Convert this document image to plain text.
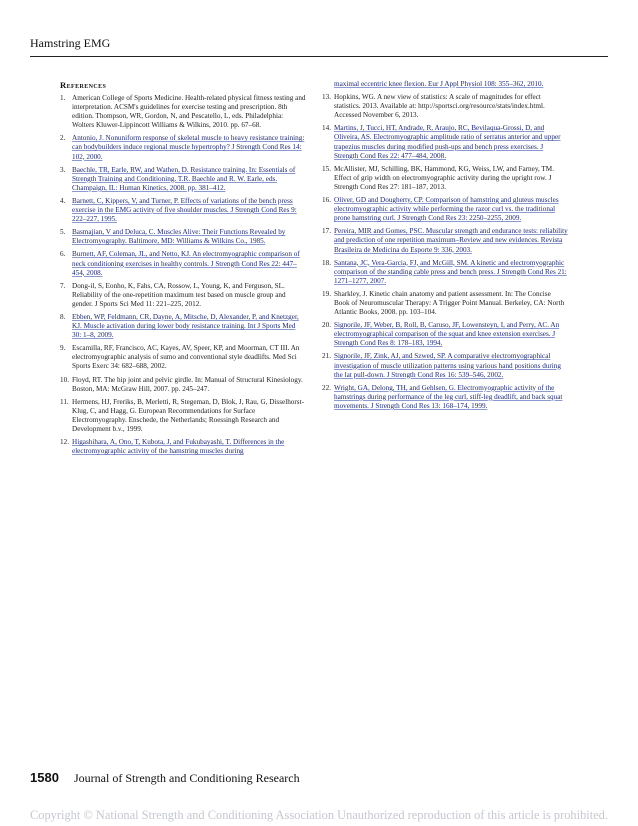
Hamstring EMG
References
1. American College of Sports Medicine. Health-related physical fitness testing and interpretation. ACSM's guidelines for exercise testing and prescription. 8th edition. Thompson, WR, Gordon, N, and Pescatello, L, eds. Philadelphia: Wolters Kluwer-Lippincott Williams & Wilkins, 2010. pp. 67–68.
2. Antonio, J. Nonuniform response of skeletal muscle to heavy resistance training: can bodybuilders induce regional muscle hypertrophy? J Strength Cond Res 14: 102, 2000.
3. Baechle, TR, Earle, RW, and Wathen, D. Resistance training. In: Essentials of Strength Training and Conditioning. T.R. Baechle and R. W. Earle, eds. Champaign, IL: Human Kinetics, 2008. pp. 381–412.
4. Barnett, C, Kippers, V, and Turner, P. Effects of variations of the bench press exercise in the EMG activity of five shoulder muscles. J Strength Cond Res 9: 222–227, 1995.
5. Basmajian, V and Deluca, C. Muscles Alive: Their Functions Revealed by Electromyography. Baltimore, MD: Williams & Wilkins Co., 1985.
6. Burnett, AF, Coleman, JL, and Netto, KJ. An electromyographic comparison of neck conditioning exercises in healthy controls. J Strength Cond Res 22: 447–454, 2008.
7. Dong-il, S, Eonho, K, Fahs, CA, Rossow, L, Young, K, and Ferguson, SL. Reliability of the one-repetition maximum test based on muscle group and gender. J Sports Sci Med 11: 221–225, 2012.
8. Ebben, WP, Feldmann, CR, Dayne, A, Mitsche, D, Alexander, P, and Knetzger, KJ. Muscle activation during lower body resistance training. Int J Sports Med 30: 1–8, 2009.
9. Escamilla, RF, Francisco, AC, Kayes, AV, Speer, KP, and Moorman, CT III. An electromyographic analysis of sumo and conventional style deadlifts. Med Sci Sports Exerc 34: 682–688, 2002.
10. Floyd, RT. The hip joint and pelvic girdle. In: Manual of Structural Kinesiology. Boston, MA: McGraw Hill, 2007. pp. 245–247.
11. Hermens, HJ, Freriks, B, Merletti, R, Stegeman, D, Blok, J, Rau, G, Disselhorst-Klug, C, and Hagg, G. European Recommendations for Surface Electromyography. Enschede, the Netherlands; Roessingh Research and Development b.v., 1999.
12. Higashihara, A, Ono, T, Kubota, J, and Fukubayashi, T. Differences in the electromyographic activity of the hamstring muscles during
maximal eccentric knee flexion. Eur J Appl Physiol 108: 355–362, 2010.
13. Hopkins, WG. A new view of statistics: A scale of magnitudes for effect statistics. 2013. Available at: http://sportsci.org/resource/stats/index.html. Accessed November 6, 2013.
14. Martins, J, Tucci, HT, Andrade, R, Araujo, RC, Bevilaqua-Grossi, D, and Oliveira, AS. Electromyographic amplitude ratio of serratus anterior and upper trapezius muscles during modified push-ups and bench press exercises. J Strength Cond Res 22: 477–484, 2008.
15. McAllister, MJ, Schilling, BK, Hammond, KG, Weiss, LW, and Farney, TM. Effect of grip width on electromyographic activity during the upright row. J Strength Cond Res 27: 181–187, 2013.
16. Oliver, GD and Dougherty, CP. Comparison of hamstring and gluteus muscles electromyographic activity while performing the razor curl vs. the traditional prone hamstring curl. J Strength Cond Res 23: 2250–2255, 2009.
17. Pereira, MIR and Gomes, PSC. Muscular strength and endurance tests: reliability and prediction of one repetition maximum–Review and new evidences. Revista Brasileira de Medicina do Esporte 9: 336, 2003.
18. Santana, JC, Vera-Garcia, FJ, and McGill, SM. A kinetic and electromyographic comparison of the standing cable press and bench press. J Strength Cond Res 21: 1271–1277, 2007.
19. Sharkley, J. Kinetic chain anatomy and patient assessment. In: The Concise Book of Neuromuscular Therapy: A Trigger Point Manual. Berkeley, CA: North Atlantic Books, 2008. pp. 103–104.
20. Signorile, JF, Weber, B, Roll, B, Caruso, JF, Lowensteyn, I, and Perry, AC. An electromyographical comparison of the squat and knee extension exercises. J Strength Cond Res 8: 178–183, 1994.
21. Signorile, JF, Zink, AJ, and Szwed, SP. A comparative electromyographical investigation of muscle utilization patterns using various hand positions during the lat pull-down. J Strength Cond Res 16: 539–546, 2002.
22. Wright, GA, Delong, TH, and Gehlsen, G. Electromyographic activity of the hamstrings during performance of the leg curl, stiff-leg deadlift, and back squat movements. J Strength Cond Res 13: 168–174, 1999.
1580 Journal of Strength and Conditioning Research
Copyright © National Strength and Conditioning Association Unauthorized reproduction of this article is prohibited.
